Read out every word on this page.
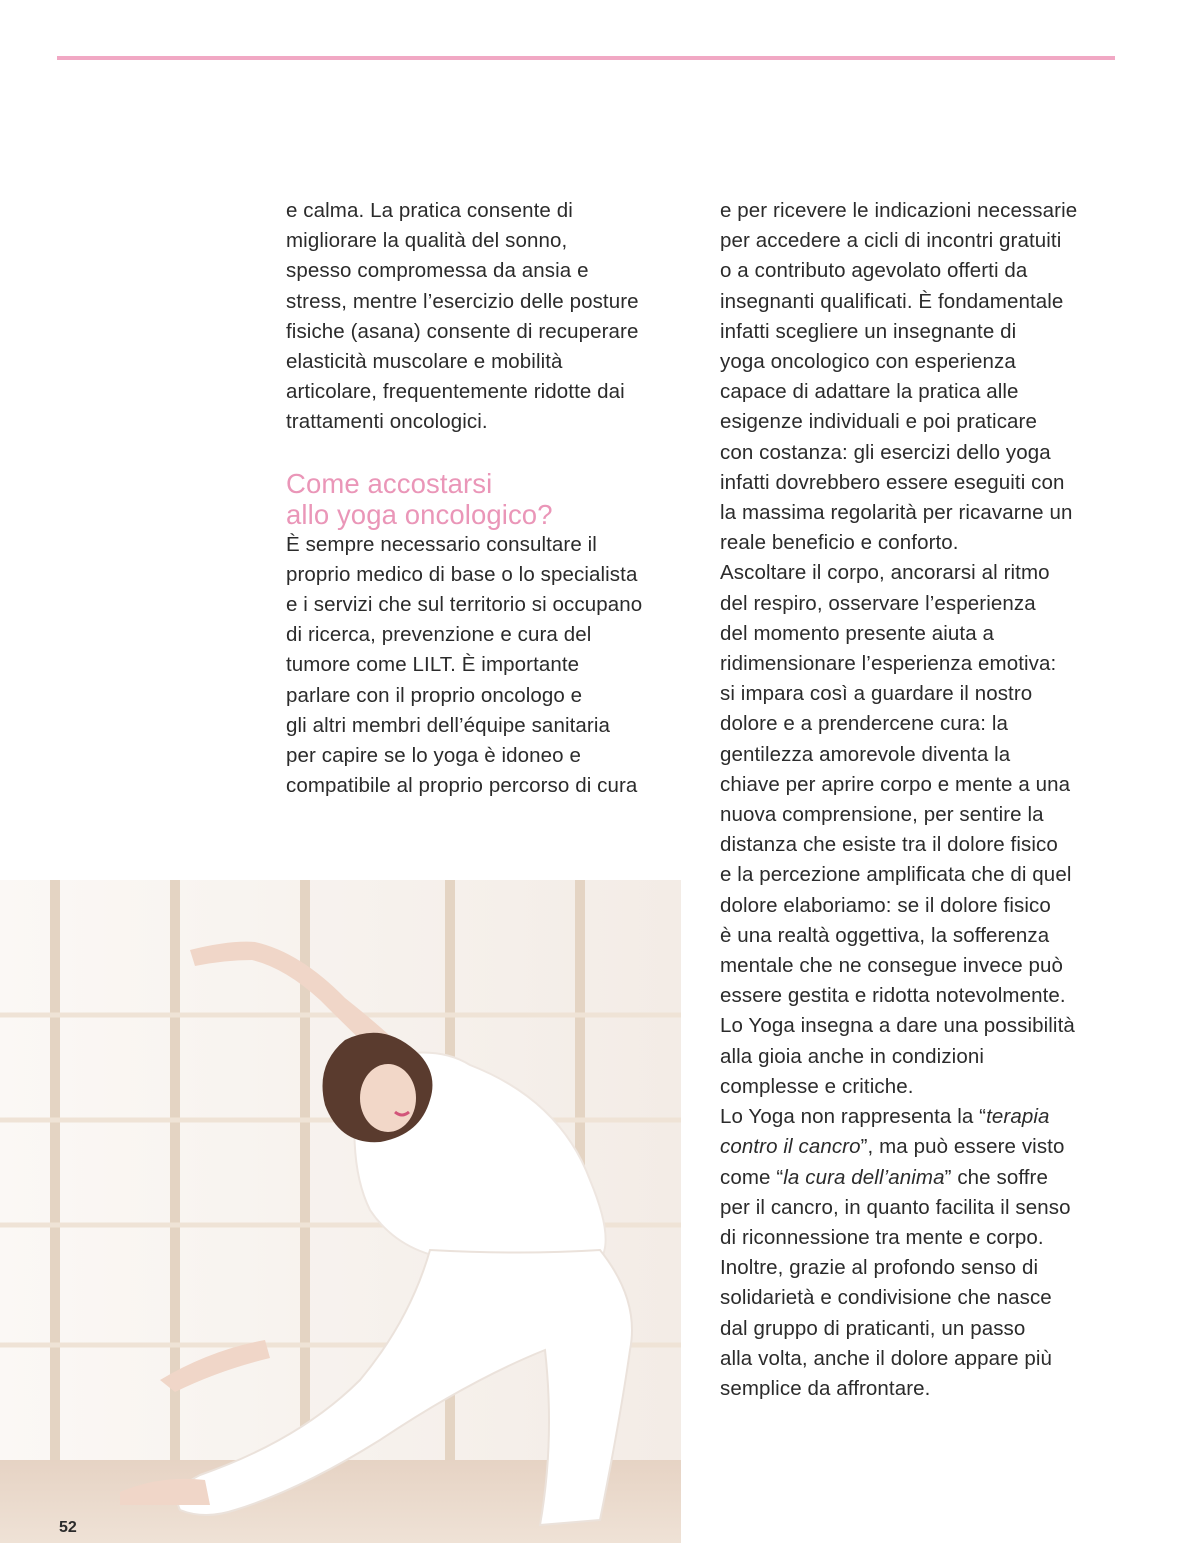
e calma. La pratica consente di

migliorare la qualità del sonno,

spesso compromessa da ansia e

stress, mentre l’esercizio delle posture

fisiche (asana) consente di recuperare

elasticità muscolare e mobilità

articolare, frequentemente ridotte dai

trattamenti oncologici.

Come accostarsi
allo yoga oncologico?

È sempre necessario consultare il

proprio medico di base o lo specialista

e i servizi che sul territorio si occupano

di ricerca, prevenzione e cura del

tumore come LILT. È importante

parlare con il proprio oncologo e

gli altri membri dell’équipe sanitaria

per capire se lo yoga è idoneo e

compatibile al proprio percorso di cura

e per ricevere le indicazioni necessarie

per accedere a cicli di incontri gratuiti

o a contributo agevolato offerti da

insegnanti qualificati. È fondamentale

infatti scegliere un insegnante di

yoga oncologico con esperienza

capace di adattare la pratica alle

esigenze individuali e poi praticare

con costanza: gli esercizi dello yoga

infatti dovrebbero essere eseguiti con

la massima regolarità per ricavarne un

reale beneficio e conforto.

Ascoltare il corpo, ancorarsi al ritmo

del respiro, osservare l’esperienza

del momento presente aiuta a

ridimensionare l’esperienza emotiva:

si impara così a guardare il nostro

dolore e a prendercene cura: la

gentilezza amorevole diventa la

chiave per aprire corpo e mente a una

nuova comprensione, per sentire la

distanza che esiste tra il dolore fisico

e la percezione amplificata che di quel

dolore elaboriamo: se il dolore fisico

è una realtà oggettiva, la sofferenza

mentale che ne consegue invece può

essere gestita e ridotta notevolmente.

Lo Yoga insegna a dare una possibilità

alla gioia anche in condizioni

complesse e critiche.

Lo Yoga non rappresenta la “terapia

contro il cancro”, ma può essere visto

come “la cura dell’anima” che soffre

per il cancro, in quanto facilita il senso

di riconnessione tra mente e corpo.

Inoltre, grazie al profondo senso di

solidarietà e condivisione che nasce

dal gruppo di praticanti, un passo

alla volta, anche il dolore appare più

semplice da affrontare.

52
